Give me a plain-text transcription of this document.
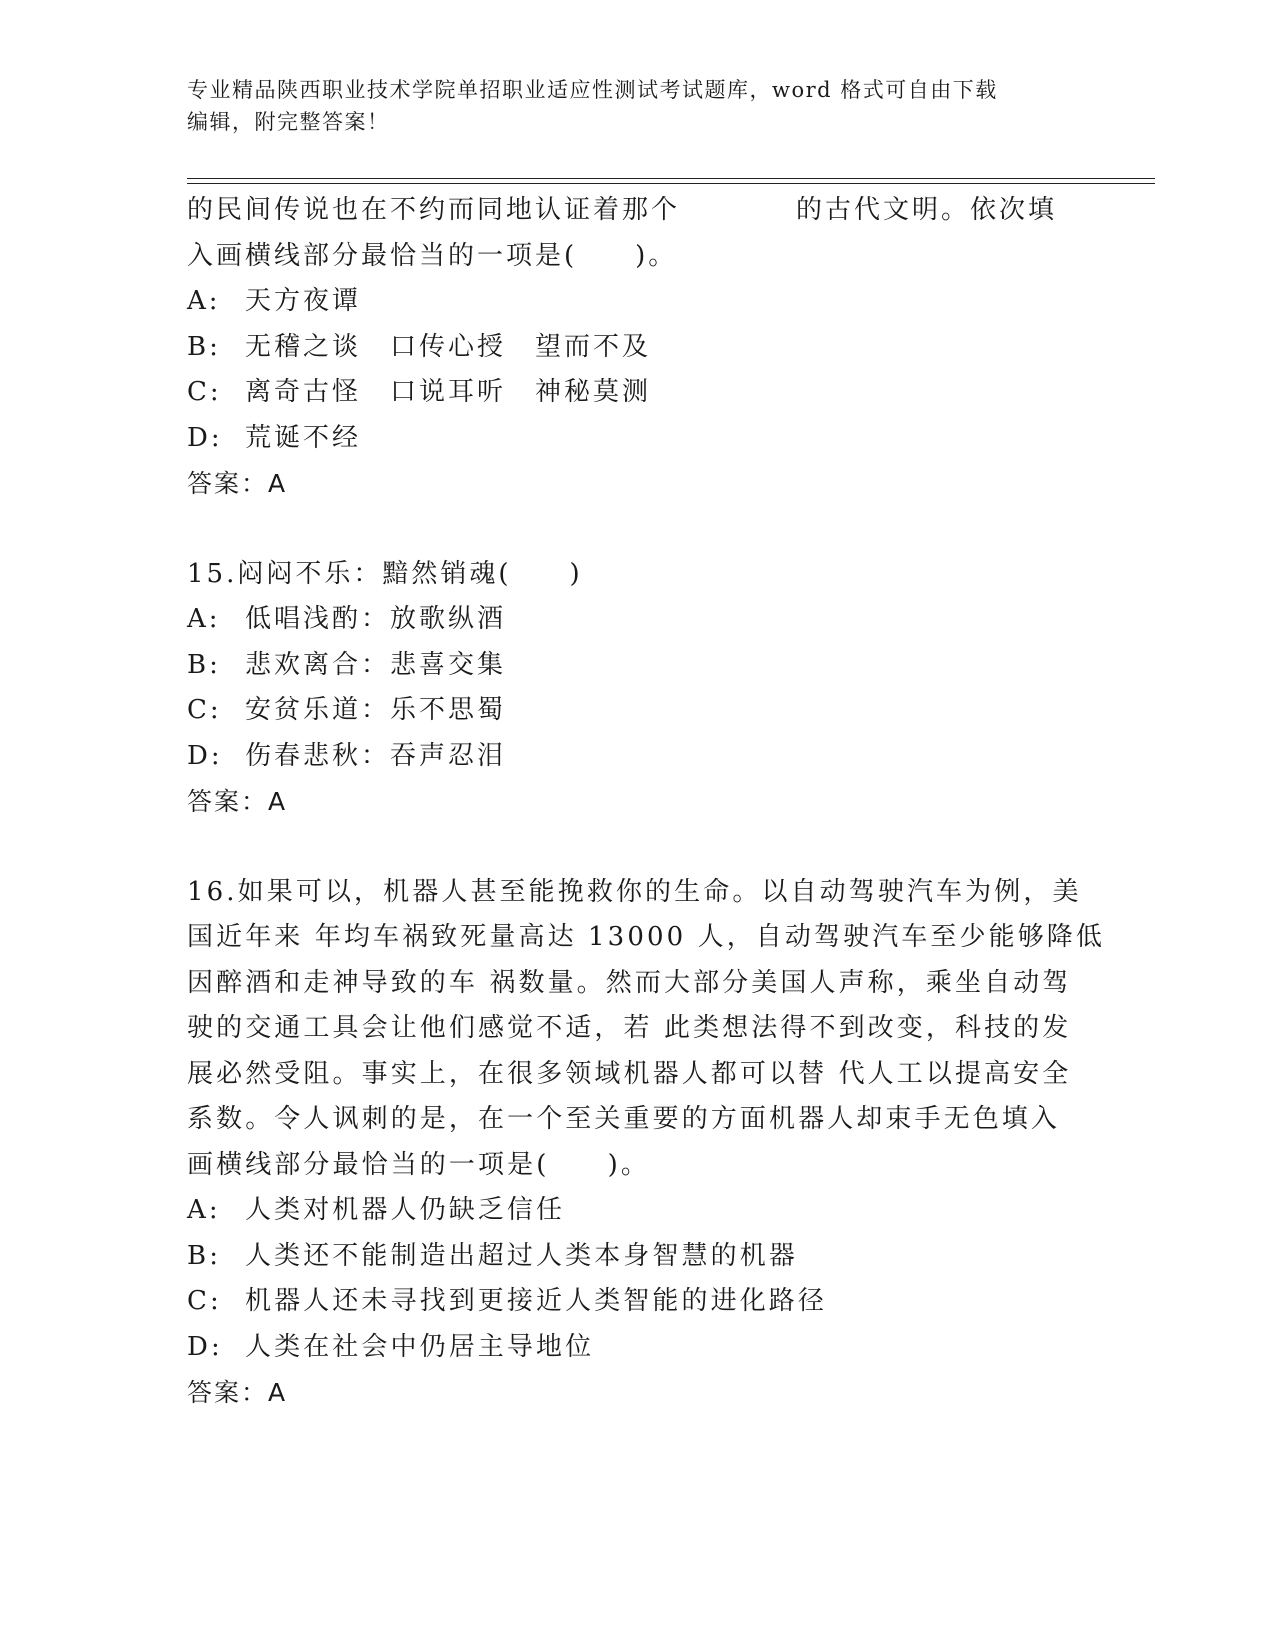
专业精品陕西职业技术学院单招职业适应性测试考试题库，word 格式可自由下载
编辑，附完整答案！
的民间传说也在不约而同地认证着那个　　　　的古代文明。依次填
入画横线部分最恰当的一项是(　　)。
A: 天方夜谭
B: 无稽之谈　口传心授　望而不及
C: 离奇古怪　口说耳听　神秘莫测
D: 荒诞不经
答案：A
15.闷闷不乐：黯然销魂(　　)
A: 低唱浅酌：放歌纵酒
B: 悲欢离合：悲喜交集
C: 安贫乐道：乐不思蜀
D: 伤春悲秋：吞声忍泪
答案：A
16.如果可以，机器人甚至能挽救你的生命。以自动驾驶汽车为例，美
国近年来 年均车祸致死量高达 13000 人，自动驾驶汽车至少能够降低
因醉酒和走神导致的车 祸数量。然而大部分美国人声称，乘坐自动驾
驶的交通工具会让他们感觉不适，若 此类想法得不到改变，科技的发
展必然受阻。事实上，在很多领域机器人都可以替 代人工以提高安全
系数。令人讽刺的是，在一个至关重要的方面机器人却束手无色填入
画横线部分最恰当的一项是(　　)。
A: 人类对机器人仍缺乏信任
B: 人类还不能制造出超过人类本身智慧的机器
C: 机器人还未寻找到更接近人类智能的进化路径
D: 人类在社会中仍居主导地位
答案：A
